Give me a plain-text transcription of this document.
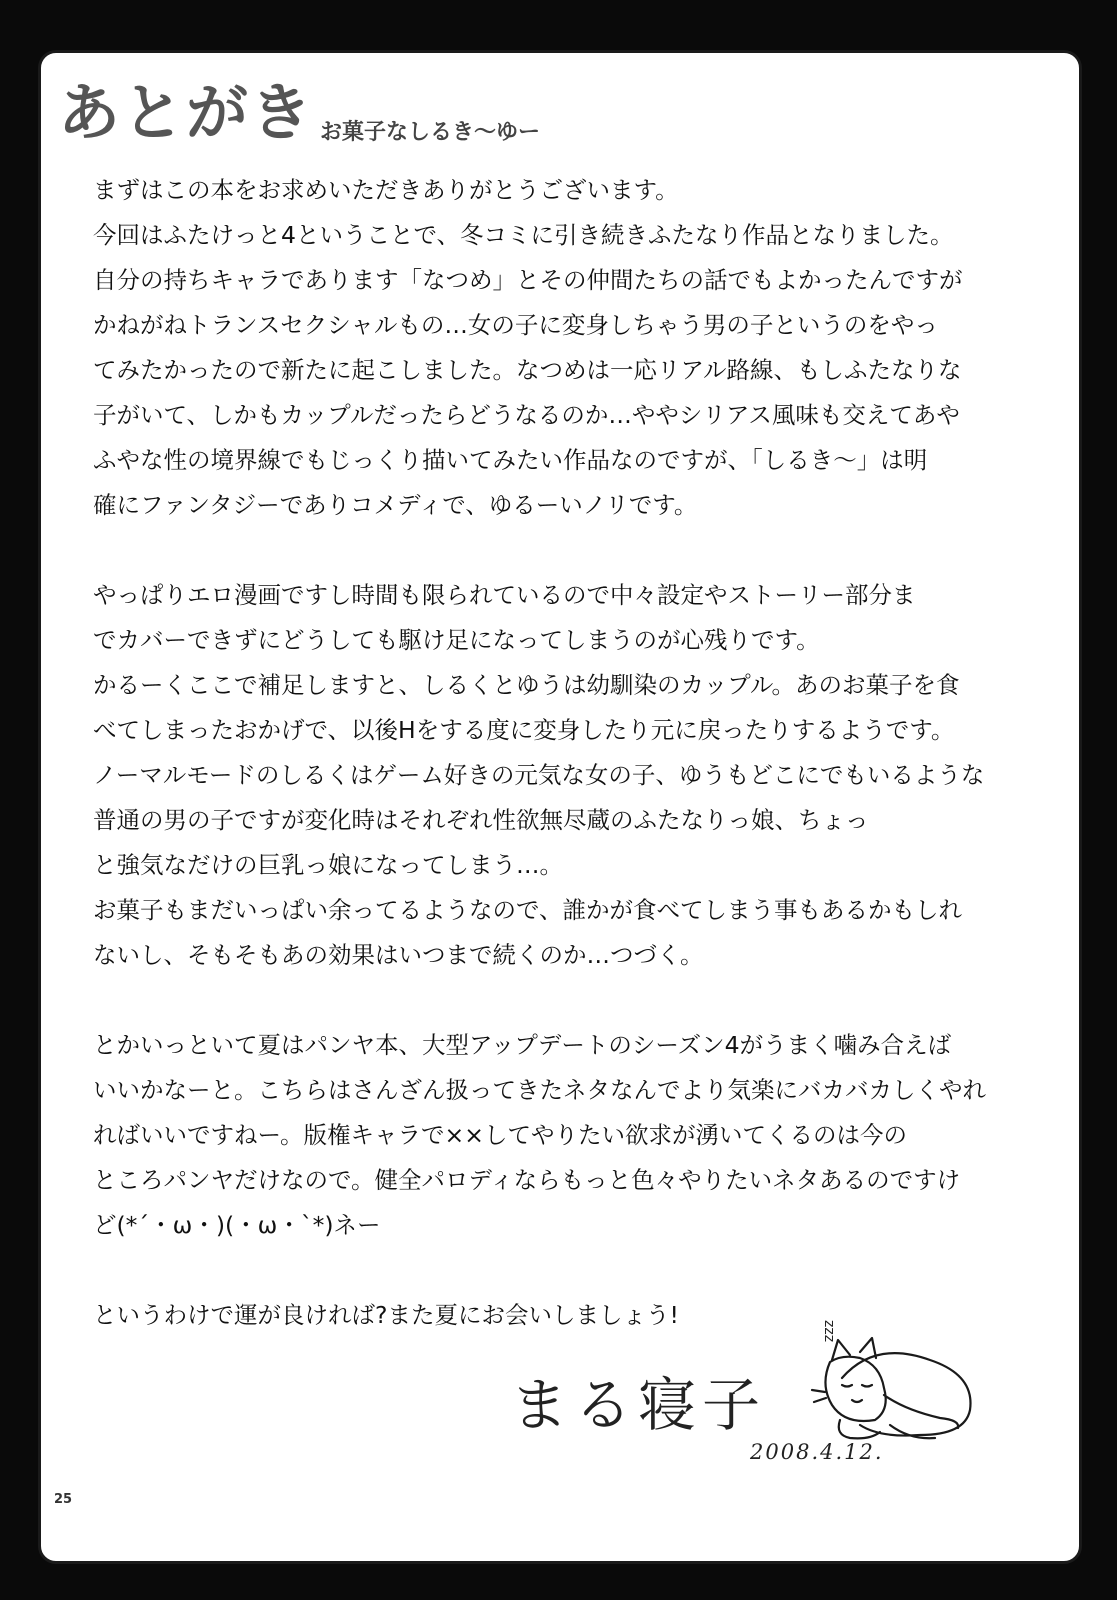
あとがき お菓子なしるき〜ゆー
まずはこの本をお求めいただきありがとうございます。
今回はふたけっと4ということで、冬コミに引き続きふたなり作品となりました。
自分の持ちキャラであります「なつめ」とその仲間たちの話でもよかったんですが
かねがねトランスセクシャルもの…女の子に変身しちゃう男の子というのをやっ
てみたかったので新たに起こしました。なつめは一応リアル路線、もしふたなりな
子がいて、しかもカップルだったらどうなるのか…ややシリアス風味も交えてあや
ふやな性の境界線でもじっくり描いてみたい作品なのですが、「しるき〜」は明
確にファンタジーでありコメディで、ゆるーいノリです。
やっぱりエロ漫画ですし時間も限られているので中々設定やストーリー部分ま
でカバーできずにどうしても駆け足になってしまうのが心残りです。
かるーくここで補足しますと、しるくとゆうは幼馴染のカップル。あのお菓子を食
べてしまったおかげで、以後Hをする度に変身したり元に戻ったりするようです。
ノーマルモードのしるくはゲーム好きの元気な女の子、ゆうもどこにでもいるような
普通の男の子ですが変化時はそれぞれ性欲無尽蔵のふたなりっ娘、ちょっ
と強気なだけの巨乳っ娘になってしまう…。
お菓子もまだいっぱい余ってるようなので、誰かが食べてしまう事もあるかもしれ
ないし、そもそもあの効果はいつまで続くのか…つづく。
とかいっといて夏はパンヤ本、大型アップデートのシーズン4がうまく噛み合えば
いいかなーと。こちらはさんざん扱ってきたネタなんでより気楽にバカバカしくやれ
ればいいですねー。版権キャラで××してやりたい欲求が湧いてくるのは今の
ところパンヤだけなので。健全パロディならもっと色々やりたいネタあるのですけ
ど(*´・ω・)(・ω・`*)ネー
というわけで運が良ければ?また夏にお会いしましょう!
zzz
まる寝子
2008.4.12.
25
